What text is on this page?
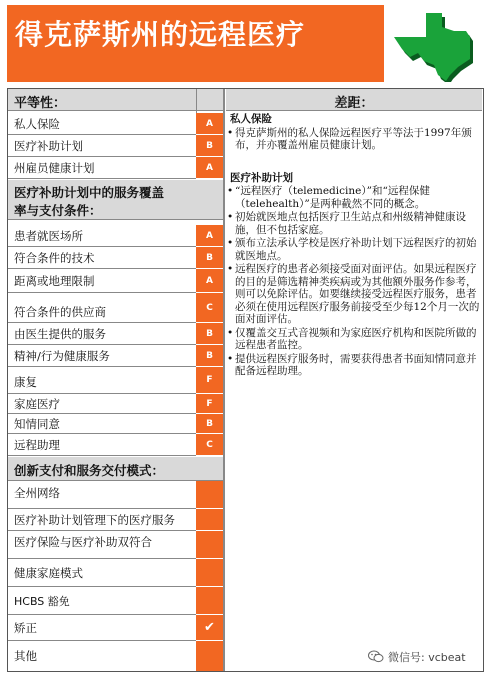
得克萨斯州的远程医疗
平等性：	差距：
私人保险	A
医疗补助计划	B
州雇员健康计划	A
医疗补助计划中的服务覆盖
率与支付条件：
患者就医场所	A
符合条件的技术	B
距离或地理限制	A
符合条件的供应商	C
由医生提供的服务	B
精神/行为健康服务	B
康复	F
家庭医疗	F
知情同意	B
远程助理	C
创新支付和服务交付模式：
全州网络
医疗补助计划管理下的医疗服务
医疗保险与医疗补助双符合
健康家庭模式
HCBS 豁免
矫正	✔
其他
私人保险
• 得克萨斯州的私人保险远程医疗平等法于1997年颁布，并亦覆盖州雇员健康计划。
医疗补助计划
• “远程医疗（telemedicine）”和“远程保健（telehealth）”是两种截然不同的概念。
• 初始就医地点包括医疗卫生站点和州级精神健康设施，但不包括家庭。
• 颁布立法承认学校是医疗补助计划下远程医疗的初始就医地点。
• 远程医疗的患者必须接受面对面评估。如果远程医疗的目的是筛选精神类疾病或为其他额外服务作参考，则可以免除评估。如要继续接受远程医疗服务，患者必须在使用远程医疗服务前接受至少每12个月一次的面对面评估。
• 仅覆盖交互式音视频和为家庭医疗机构和医院所做的远程患者监控。
• 提供远程医疗服务时，需要获得患者书面知情同意并配备远程助理。
微信号: vcbeat
